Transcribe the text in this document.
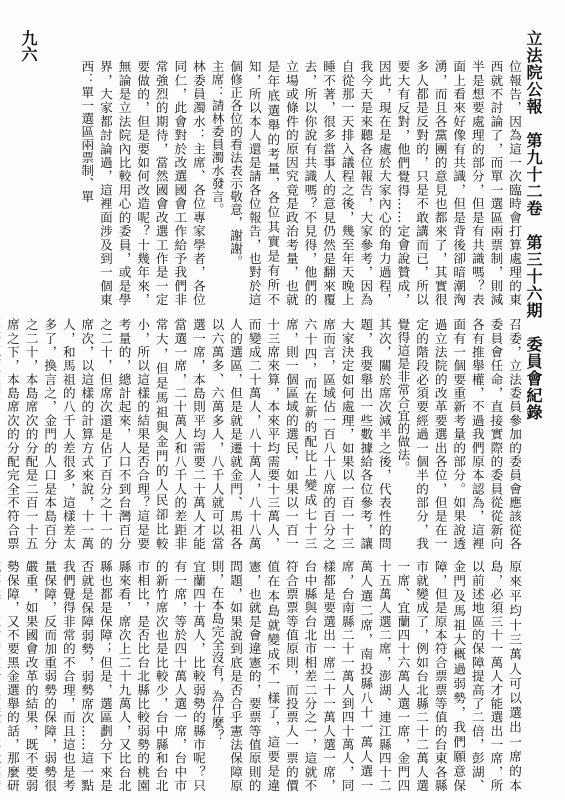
立法院公報　第九十二卷　第三十六期　委員會紀錄
九六

位報告，因為這一次臨時會打算處理的東西就不討論了，而單一選區兩票制，則減半是想要處理的部分，但是有共識嗎？表面上看來好像有共識，但是背後卻暗潮洶湧，而且各黨團的意見也都來了，其實很多人都是反對的，只是不敢講而已，所以要大有反對，他們覺得……定會說贊成，因此，現在是處於大家內心的角力過程，我今天是來聽各位報告，大家參考，因為自從那一天排入議程之後，幾至年天晚上睡不著，很多當事人的意見仍然是翻來覆去，所以你說有共識嗎？不見得，他們的立場或條件的原因究竟是政治考量，也就是年底選舉的考量，各位其實是有所不知，所以本人還是請各位報告，也對於這個修正各位的看法表示敬意，謝謝。
主席：請林委員濁水發言。
林委員濁水：主席、各位專家學者，各位同仁，此會對於改選國會工作給予我們非常強烈的期待，當然國會改選工作是一定要做的，但是要如何改造呢？十幾年來，無論是立法院內比較用心的委員，或是學界，大家都討論過，這裡面涉及到一個東西：單一選區兩票制、單

召委，立法委員參加的委員會應該從各委員會任命，直接實際的委員從從新向各有推舉權，不過我們原本認為，這裡面有一個要重新考量的部分。如果說透過立法院的改革要選出各位，但是在一定的階段必須要經過一個半的部分，我覺得這是非常合宜的做法。
其次，關於席次減半之後，代表性的問題，我要舉出一些數據給各位參考，讓大家決定如何處理，如果以一百一十三席而言，區域佔一百八十八席的百分之六十四，而在新的配比上變成七十三席，則一個區域的選民，如果以一百一十三席來算，本來平均需要十三萬人，而變成二十萬人，八十萬人，八十八萬人的選區，但是就是遷就金門、馬祖各以六萬多、六萬多人，八千人就可以當選一席，本島則平均需要二十萬人才能當選一席，二十萬人和八千人的差距非常大，但是馬祖與金門的人民卻比較小，所以這樣的結果是否合理？這是要考量的，總計起來，人口不到台灣百分之二十，但席次還是佔了百分之十一的席次，以這樣的計算方式來說，十一萬人，和馬祖的八千人差很多，這樣差太多了，換言之，金門的人口是本島百分之二十，本島席次的分配是二百一十五席之下，本島席次的分配完全不符合票

原來平均十三萬人可以選出一席的本島，必須三十一萬人才能選出一席，所以前述地區的保障提高了二倍，彭湖、金門及馬祖大概過弱勢，我們願意保障，但是原本符合票票等值的台東各縣市就變成了，例如台北縣二十二萬人選一席、宜蘭四十六萬人選一席，金門四十五萬人選二席，澎湖、連江縣四十二萬人選二席，南投縣八十一萬人選一席，台南縣二十一萬人到四十萬人，同樣都是要選出一席二十一萬人選一席，台中縣與台北市相差二分之一，這就不符合票票等值原則，而投票人一票的價值在本島就變成不一樣了，這要是違憲，也就是會違憲的，要票等值原則的問題，如果說到底是否合乎憲法保障原則，在本島完全沒有，為什麼？
宜蘭四十萬人，比較弱勢的縣市呢？只有一席，等於四十萬人選一席，台中市的新竹席次也是比較少，台中縣和台北市相比，是否比台北縣比較弱勢的桃園縣來看，席次上二十九萬人，又比台北縣也都是保障；但是，選區劃分下來是否就是保障弱勢，弱勢席次……這一點我們覺得非常的不合理，而且這也是考量保障，反而加重弱勢的保障，弱勢很嚴重，如果國會改革的結果，既不要弱勢保障，又不要黑金選舉的話，那麼研
